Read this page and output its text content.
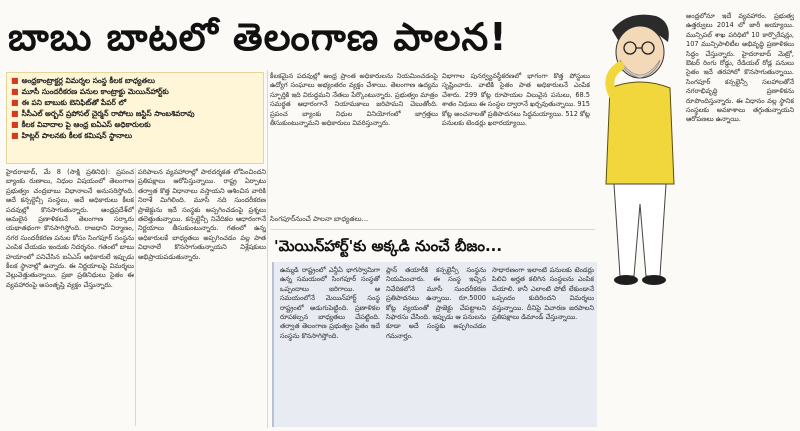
బాబు బాటలో తెలంగాణ పాలన!
■ అంధ్రకాంట్రాక్టర్ల విమర్శల సంస్థ కీలక బాధ్యతలు
■ మూసీ సుందరీకరణ పనుల కాంట్రాక్టు మెయిన్‌హార్ట్‌కు
■ ఈ పని బాబుకు బెనిఫిట్‌తో పేపర్ లో
■ సీసీఎల్ అర్బన్ ప్రపోసల్ చైర్మన్ రాపోలు జస్టిస్ సాంబశివరావు
■ కీలక వివాదాల పై ఆంధ్ర ఐఏఎస్ అధికారులకు
■ హిట్లర్ పాలనకు కీలక కమిషన్ స్థానాలు

హైదరాబాద్, మే 8 (సాక్షి ప్రతినిధి): ప్రపంచ బ్యాంకు రుణాలు, నిధుల విషయంలో తెలంగాణ ప్రభుత్వం చంద్రబాబు విధానాలనే అనుసరిస్తోంది. అదే కన్సల్టెన్సీ సంస్థలు, అదే అధికారులు కీలక పదవుల్లో కొనసాగుతున్నారు. ఆంధ్రప్రదేశ్‌లో అమలైన ప్రణాళికలనే తెలంగాణ సర్కారు యథాతథంగా కొనసాగిస్తోంది. రాజధాని నిర్మాణం, నగర సుందరీకరణ పనుల కోసం సింగపూర్ సంస్థను ఎంపిక చేయడం ఇందుకు నిదర్శనం. గతంలో బాబు హయాంలో పనిచేసిన ఐఏఎస్ అధికారులే ఇప్పుడు కీలక స్థానాల్లో ఉన్నారు. ఈ నిర్ణయాలపై విమర్శలు వెల్లువెత్తుతున్నాయి. ప్రజా ప్రతినిధులు సైతం ఈ వ్యవహారంపై అసంతృప్తి వ్యక్తం చేస్తున్నారు.

పరిపాలన వ్యవహారాల్లో పారదర్శకత లోపించిందని ప్రతిపక్షాలు ఆరోపిస్తున్నాయి. రాష్ట్ర ఏర్పాటు తర్వాత కొత్త విధానాలు వస్తాయని ఆశించిన వారికి నిరాశే మిగిలింది. మూసీ నది సుందరీకరణ ప్రాజెక్టును ఇదే సంస్థకు అప్పగించడంపై ప్రశ్నలు తలెత్తుతున్నాయి. కన్సల్టెన్సీ నివేదికల ఆధారంగానే నిర్ణయాలు తీసుకుంటున్నారు. గతంలో ఉన్న అధికారులకే బాధ్యతలు అప్పగించడం వల్ల పాత విధానాలే కొనసాగుతున్నాయని విశ్లేషకులు అభిప్రాయపడుతున్నారు.

కీలకమైన పదవుల్లో ఆంధ్ర ప్రాంత అధికారులను నియమించడంపై ఉద్యోగ సంఘాలు అభ్యంతరం వ్యక్తం చేశాయి. తెలంగాణ ఉద్యమ స్ఫూర్తికి ఇది విరుద్ధమని నేతలు పేర్కొంటున్నారు. ప్రభుత్వం మాత్రం సమర్థత ఆధారంగానే నియామకాలు జరిపామని చెబుతోంది. ప్రపంచ బ్యాంకు నిధుల వినియోగంలో జాగ్రత్తలు తీసుకుంటున్నామని అధికారులు వివరిస్తున్నారు.

విభాగాల పునర్వ్యవస్థీకరణలో భాగంగా కొత్త పోస్టులు సృష్టించారు. వాటికి సైతం పాత అధికారులనే ఎంపిక చేశారు. 299 కోట్ల రూపాయల విలువైన పనులు, 68.5 శాతం నిధులు ఈ సంస్థల ద్వారానే ఖర్చవుతున్నాయి. 915 కోట్ల అంచనాలతో ప్రతిపాదనలు సిద్ధమయ్యాయి. 512 కోట్ల పనులకు టెండర్లు ఖరారయ్యాయి.

అంధ్రలోనూ ఇదే వ్యవహారం. ప్రభుత్వ ఉత్తర్వులు 2014 లో జారీ అయ్యాయి. మున్సిపల్ శాఖ పరిధిలో 10 కార్పొరేషన్లు, 107 మున్సిపాలిటీల అభివృద్ధి ప్రణాళికలు సిద్ధం చేస్తున్నారు. హైదరాబాద్ మెట్రో, ఔటర్ రింగు రోడ్డు, రేడియల్ రోడ్ల పనులు సైతం ఇదే తరహాలో కొనసాగుతున్నాయి. సింగపూర్ కన్సల్టెన్సీ సలహాలతోనే నగరాభివృద్ధి ప్రణాళికను రూపొందిస్తున్నారు. ఈ విధానం వల్ల స్థానిక సంస్థలకు అవకాశాలు తగ్గుతున్నాయని ఆరోపణలు ఉన్నాయి.

సింగపూర్‌నుంచే పాలనా బాధ్యతలు...
'మెయిన్‌హార్ట్'కు అక్కడి నుంచే బీజం...

ఉమ్మడి రాష్ట్రంలో ఎన్డీఏ భాగస్వామిగా ఉన్న సమయంలో సింగపూర్ సంస్థతో ఒప్పందాలు జరిగాయి. ఆ సమయంలోనే మెయిన్‌హార్ట్ సంస్థ రాష్ట్రంలో అడుగుపెట్టింది. ప్రణాళికల రూపకల్పన బాధ్యతలు చేపట్టింది. తర్వాత తెలంగాణ ప్రభుత్వం సైతం ఇదే సంస్థను కొనసాగిస్తోంది.

ప్లాన్ తయారీకి కన్సల్టెన్సీ సంస్థను నియమించారు. ఈ సంస్థ ఇచ్చిన నివేదికలోనే మూసీ సుందరీకరణ ప్రతిపాదనలు ఉన్నాయి. రూ.5000 కోట్ల వ్యయంతో ప్రాజెక్టు చేపట్టాలని సిఫారసు చేసింది. ఇప్పుడు ఆ పనులను కూడా అదే సంస్థకు అప్పగించడం గమనార్హం.

సాధారణంగా ఇలాంటి పనులకు టెండర్లు పిలిచి అర్హత కలిగిన సంస్థలను ఎంపిక చేయాలి. కానీ ఎలాంటి పోటీ లేకుండానే ఒప్పందం కుదిరిందని విమర్శలు వస్తున్నాయి. దీనిపై విచారణ జరపాలని ప్రతిపక్షాలు డిమాండ్ చేస్తున్నాయి.
